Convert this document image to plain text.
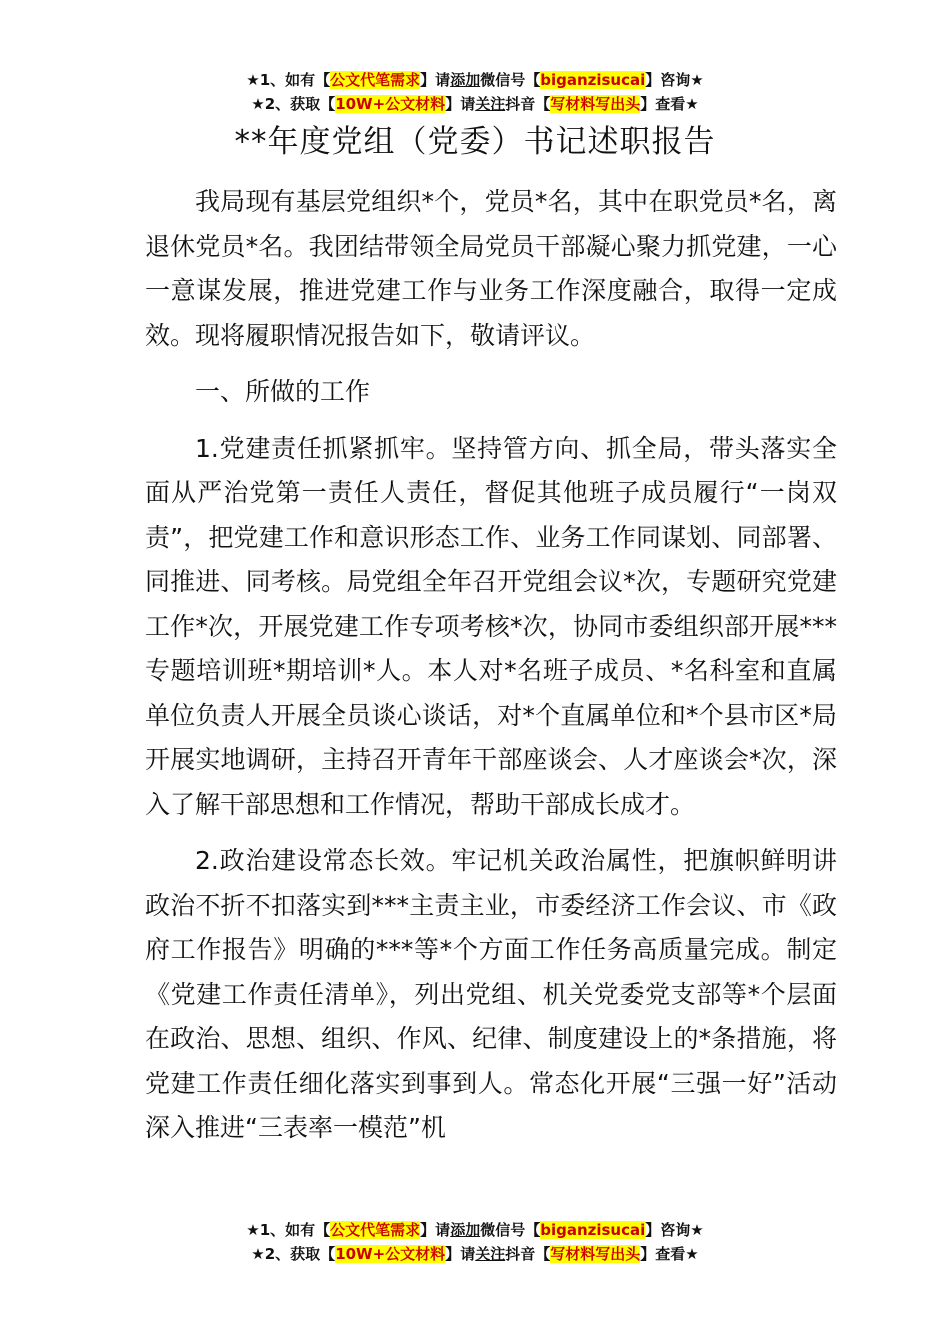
★1、如有【公文代笔需求】请添加微信号【biganzisucai】咨询★
★2、获取【10W+公文材料】请关注抖音【写材料写出头】查看★
**年度党组（党委）书记述职报告

我局现有基层党组织*个，党员*名，其中在职党员*名，离退休党员*名。我团结带领全局党员干部凝心聚力抓党建，一心一意谋发展，推进党建工作与业务工作深度融合，取得一定成效。现将履职情况报告如下，敬请评议。

一、所做的工作

1.党建责任抓紧抓牢。坚持管方向、抓全局，带头落实全面从严治党第一责任人责任，督促其他班子成员履行“一岗双责”，把党建工作和意识形态工作、业务工作同谋划、同部署、同推进、同考核。局党组全年召开党组会议*次，专题研究党建工作*次，开展党建工作专项考核*次，协同市委组织部开展***专题培训班*期培训*人。本人对*名班子成员、*名科室和直属单位负责人开展全员谈心谈话，对*个直属单位和*个县市区*局开展实地调研，主持召开青年干部座谈会、人才座谈会*次，深入了解干部思想和工作情况，帮助干部成长成才。

2.政治建设常态长效。牢记机关政治属性，把旗帜鲜明讲政治不折不扣落实到***主责主业，市委经济工作会议、市《政府工作报告》明确的***等*个方面工作任务高质量完成。制定《党建工作责任清单》，列出党组、机关党委党支部等*个层面在政治、思想、组织、作风、纪律、制度建设上的*条措施，将党建工作责任细化落实到事到人。常态化开展“三强一好”活动深入推进“三表率一模范”机

★1、如有【公文代笔需求】请添加微信号【biganzisucai】咨询★
★2、获取【10W+公文材料】请关注抖音【写材料写出头】查看★
